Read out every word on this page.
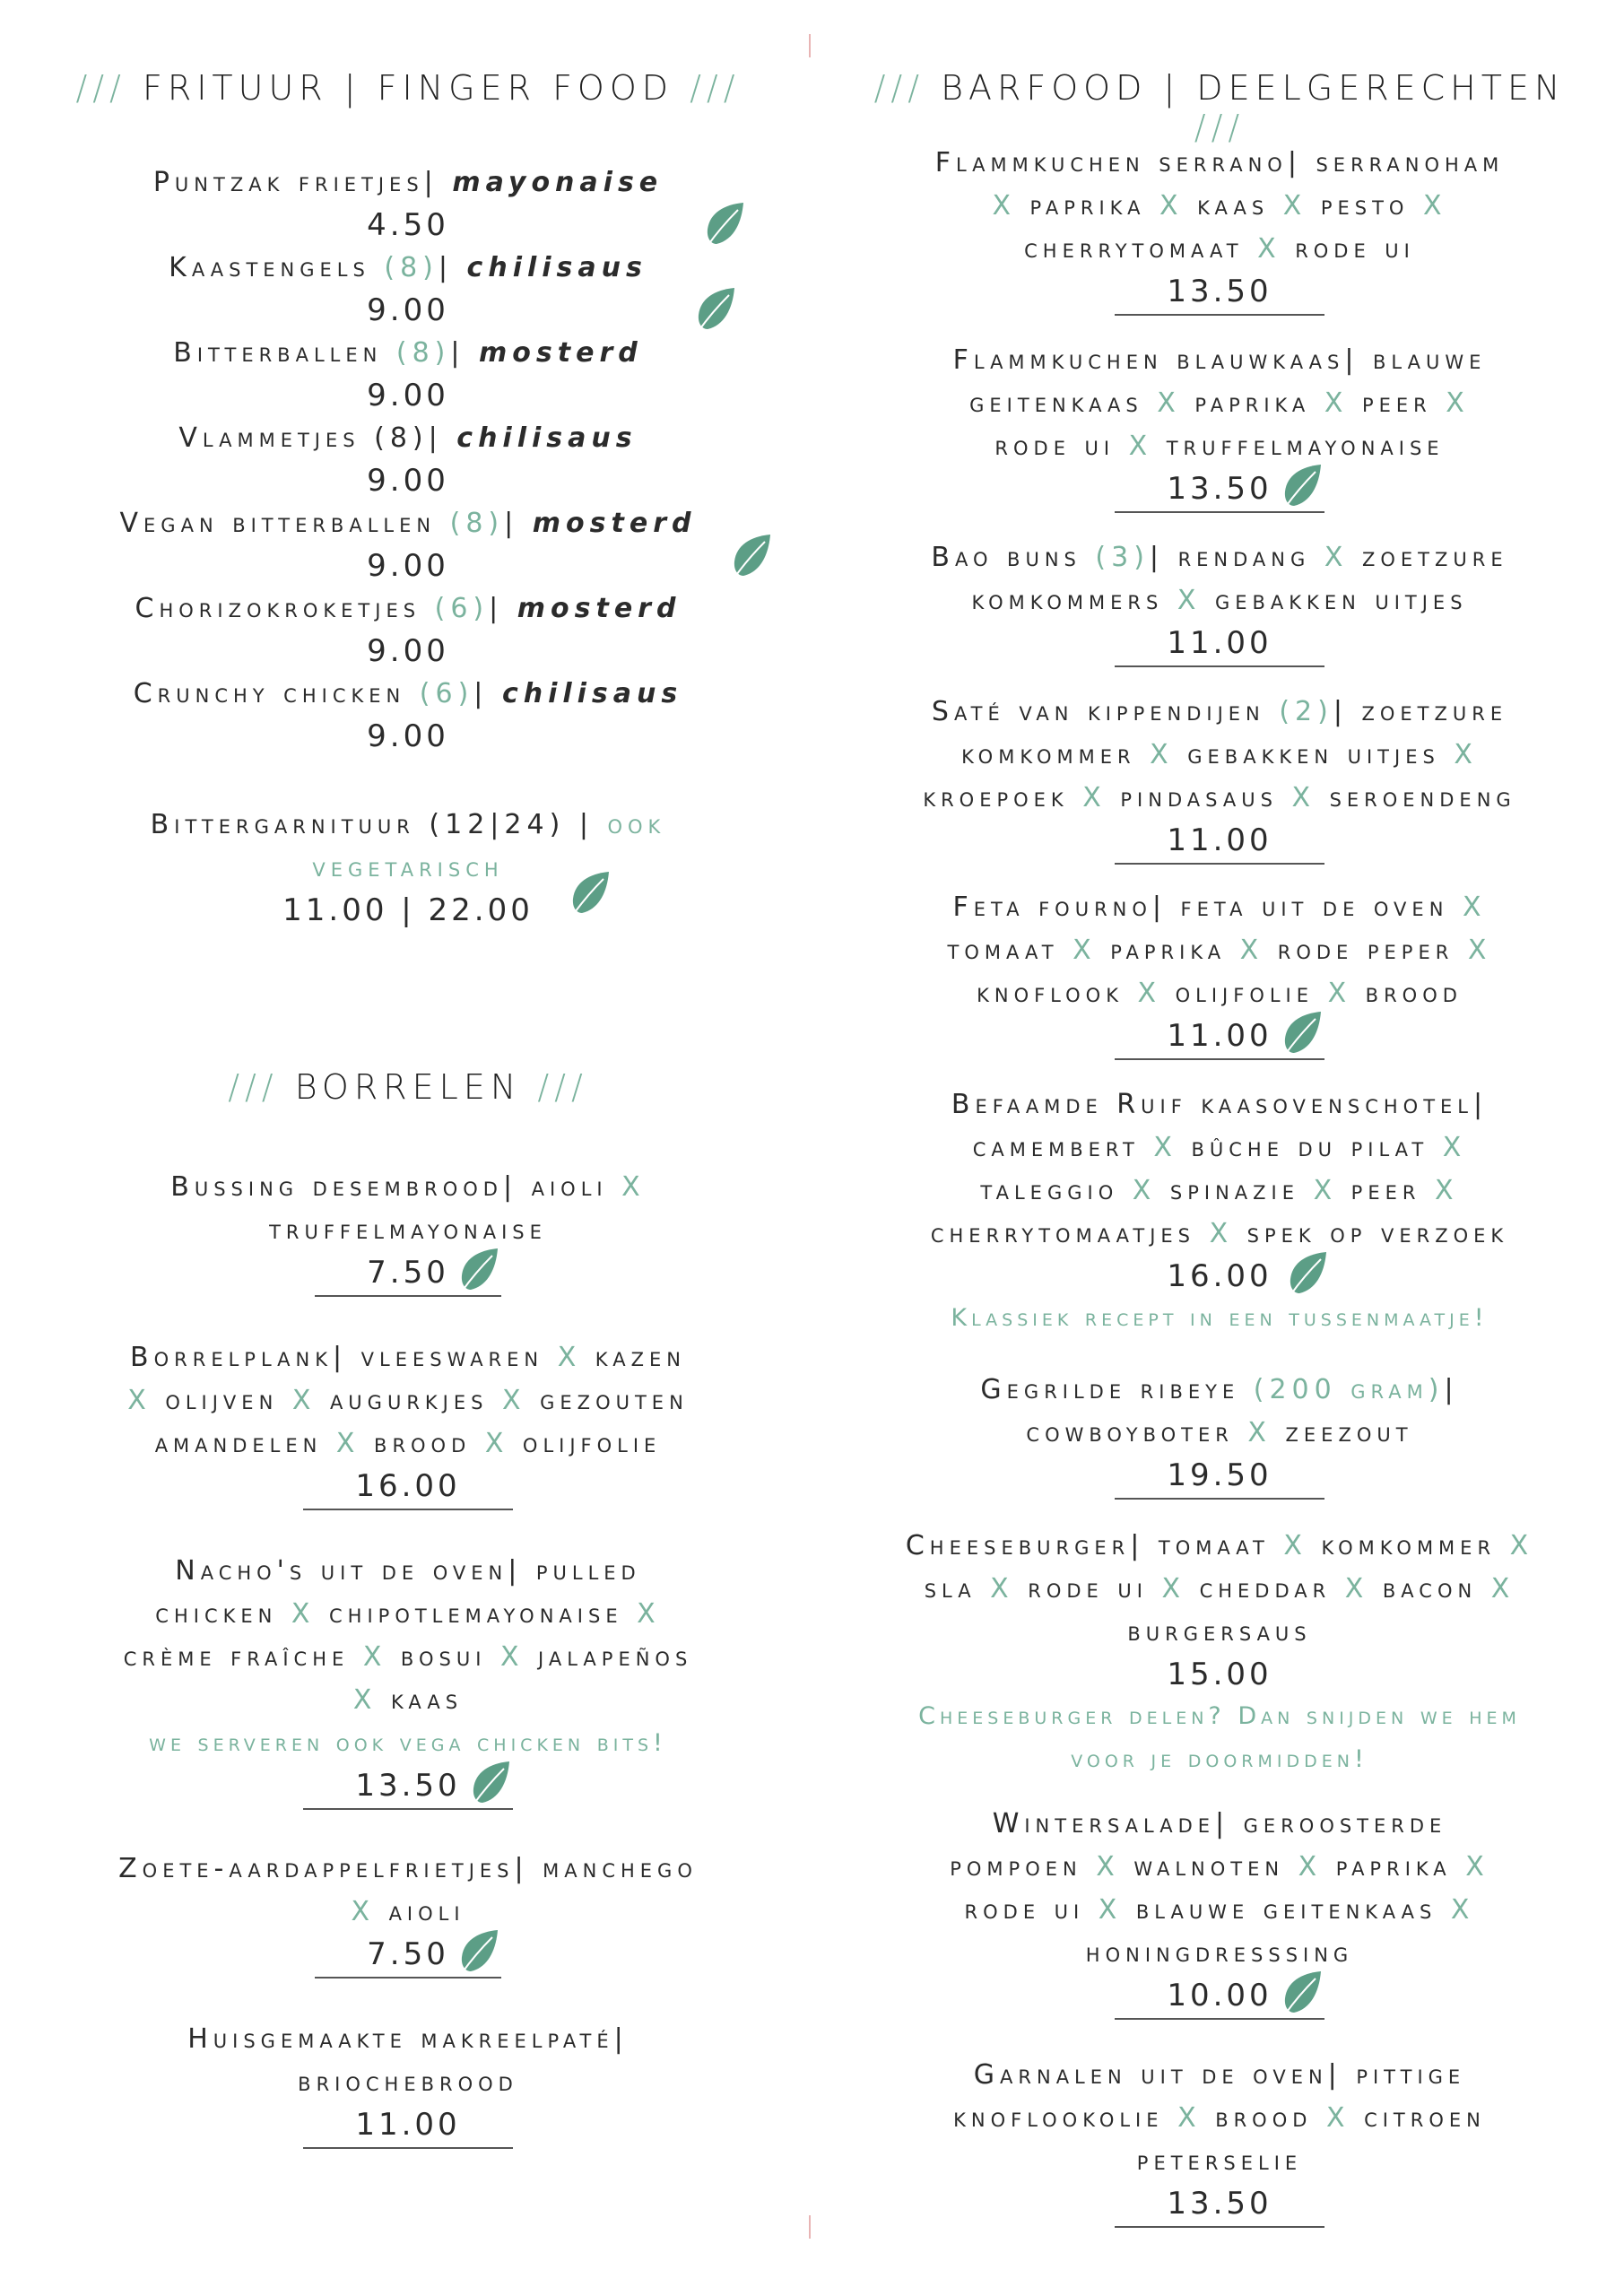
/// FRITUUR | FINGER FOOD ///
Puntzak frietjes| mayonaise
4.50
Kaastengels (8)| chilisaus
9.00
Bitterballen (8)| mosterd
9.00
Vlammetjes (8)| chilisaus
9.00
Vegan bitterballen (8)| mosterd
9.00
Chorizokroketjes (6)| mosterd
9.00
Crunchy chicken (6)| chilisaus
9.00
Bittergarnituur (12|24) | ook
vegetarisch
11.00 | 22.00
/// BORRELEN ///
Bussing desembrood| aioli X
truffelmayonaise
7.50
Borrelplank| vleeswaren X kazen
X olijven X augurkjes X gezouten
amandelen X brood X olijfolie
16.00
Nacho's uit de oven| pulled
chicken X chipotlemayonaise X
crème fraîche X bosui X jalapeños
X kaas
we serveren ook vega chicken bits!
13.50
Zoete-aardappelfrietjes| manchego
X aioli
7.50
Huisgemaakte makreelpaté|
briochebrood
11.00
/// BARFOOD | DEELGERECHTEN ///
Flammkuchen serrano| serranoham
X paprika X kaas X pesto X
cherrytomaat X rode ui
13.50
Flammkuchen blauwkaas| blauwe
geitenkaas X paprika X peer X
rode ui X truffelmayonaise
13.50
Bao buns (3)| rendang X zoetzure
komkommers X gebakken uitjes
11.00
Saté van kippendijen (2)| zoetzure
komkommer X gebakken uitjes X
kroepoek X pindasaus X seroendeng
11.00
Feta fourno| feta uit de oven X
tomaat X paprika X rode peper X
knoflook X olijfolie X brood
11.00
Befaamde Ruif kaasovenschotel|
camembert X bûche du pilat X
taleggio X spinazie X peer X
cherrytomaatjes X spek op verzoek
16.00
Klassiek recept in een tussenmaatje!
Gegrilde ribeye (200 gram)|
cowboyboter X zeezout
19.50
Cheeseburger| tomaat X komkommer X
sla X rode ui X cheddar X bacon X
burgersaus
15.00
Cheeseburger delen? Dan snijden we hem
voor je doormidden!
Wintersalade| geroosterde
pompoen X walnoten X paprika X
rode ui X blauwe geitenkaas X
honingdresssing
10.00
Garnalen uit de oven| pittige
knoflookolie X brood X citroen
peterselie
13.50
